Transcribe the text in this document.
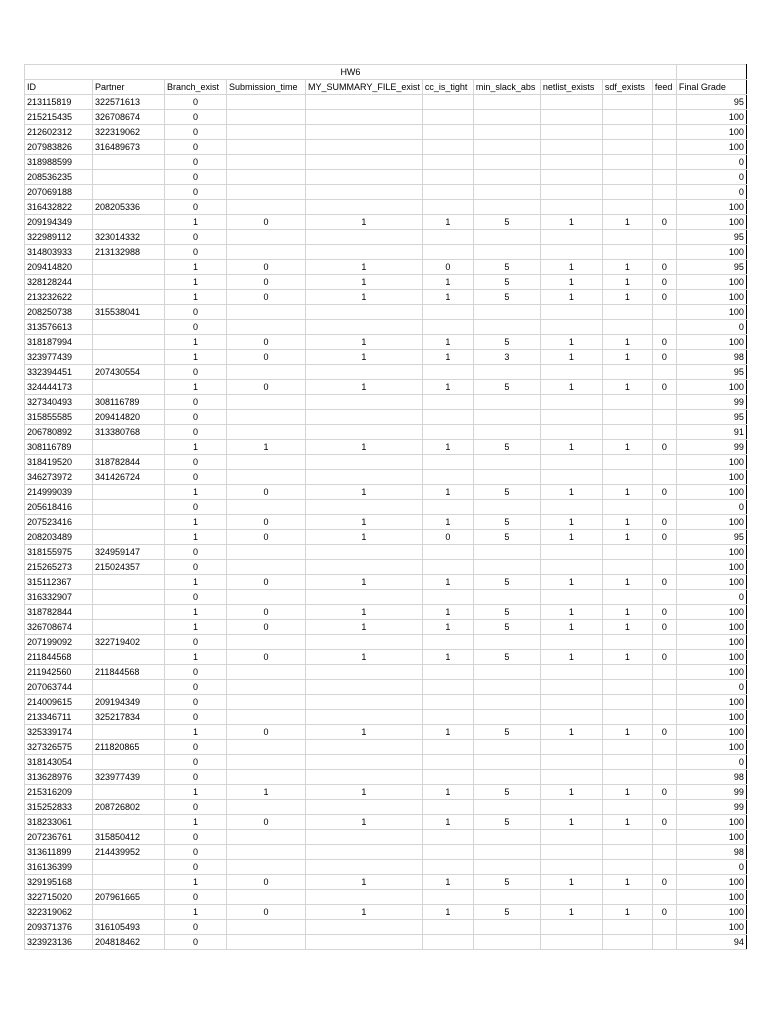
HW6										
ID	Partner	Branch_exist	Submission_time	MY_SUMMARY_FILE_exist	cc_is_tight	min_slack_abs	netlist_exists	sdf_exists	feed	Final Grade
213115819	322571613	0								95
215215435	326708674	0								100
212602312	322319062	0								100
207983826	316489673	0								100
318988599		0								0
208536235		0								0
207069188		0								0
316432822	208205336	0								100
209194349		1	0	1	1	5	1	1	0	100
322989112	323014332	0								95
314803933	213132988	0								100
209414820		1	0	1	0	5	1	1	0	95
328128244		1	0	1	1	5	1	1	0	100
213232622		1	0	1	1	5	1	1	0	100
208250738	315538041	0								100
313576613		0								0
318187994		1	0	1	1	5	1	1	0	100
323977439		1	0	1	1	3	1	1	0	98
332394451	207430554	0								95
324444173		1	0	1	1	5	1	1	0	100
327340493	308116789	0								99
315855585	209414820	0								95
206780892	313380768	0								91
308116789		1	1	1	1	5	1	1	0	99
318419520	318782844	0								100
346273972	341426724	0								100
214999039		1	0	1	1	5	1	1	0	100
205618416		0								0
207523416		1	0	1	1	5	1	1	0	100
208203489		1	0	1	0	5	1	1	0	95
318155975	324959147	0								100
215265273	215024357	0								100
315112367		1	0	1	1	5	1	1	0	100
316332907		0								0
318782844		1	0	1	1	5	1	1	0	100
326708674		1	0	1	1	5	1	1	0	100
207199092	322719402	0								100
211844568		1	0	1	1	5	1	1	0	100
211942560	211844568	0								100
207063744		0								0
214009615	209194349	0								100
213346711	325217834	0								100
325339174		1	0	1	1	5	1	1	0	100
327326575	211820865	0								100
318143054		0								0
313628976	323977439	0								98
215316209		1	1	1	1	5	1	1	0	99
315252833	208726802	0								99
318233061		1	0	1	1	5	1	1	0	100
207236761	315850412	0								100
313611899	214439952	0								98
316136399		0								0
329195168		1	0	1	1	5	1	1	0	100
322715020	207961665	0								100
322319062		1	0	1	1	5	1	1	0	100
209371376	316105493	0								100
323923136	204818462	0								94
